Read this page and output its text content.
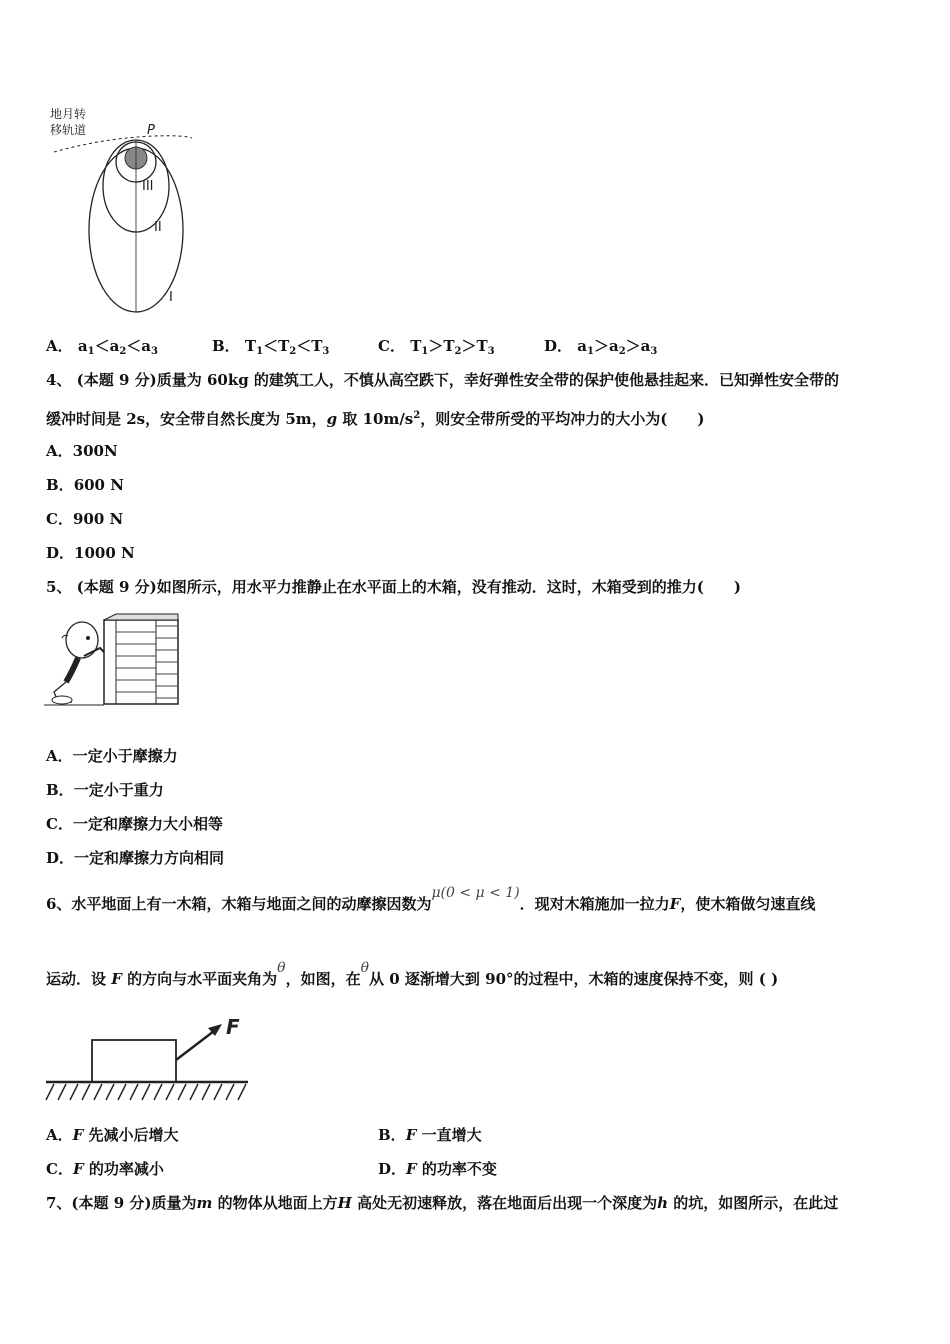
地月转
移轨道	P
III
II
I
A． $a_1<a_2<a_3$	B． $T_1<T_2<T_3$	C． $T_1>T_2>T_3$	D． $a_1>a_2>a_3$
4、 (本题 9 分)质量为 60kg 的建筑工人，不慎从高空跌下，幸好弹性安全带的保护使他悬挂起来．已知弹性安全带的
缓冲时间是 2s，安全带自然长度为 5m，g 取 $10m/s^2$，则安全带所受的平均冲力的大小为(　　)
A．300N
B．600 N
C．900 N
D．1000 N
5、 (本题 9 分)如图所示，用水平力推静止在水平面上的木箱，没有推动．这时，木箱受到的推力(　　)
A．一定小于摩擦力
B．一定小于重力
C．一定和摩擦力大小相等
D．一定和摩擦力方向相同
6、水平地面上有一木箱，木箱与地面之间的动摩擦因数为μ(0 < μ < 1)．现对木箱施加一拉力F，使木箱做匀速直线
运动．设 F 的方向与水平面夹角为θ，如图，在θ从 0 逐渐增大到 90°的过程中，木箱的速度保持不变，则 ( )
F
A．F 先减小后增大	B．F 一直增大
C．F 的功率减小	D．F 的功率不变
7、(本题 9 分)质量为m 的物体从地面上方H 高处无初速释放，落在地面后出现一个深度为h 的坑，如图所示，在此过
